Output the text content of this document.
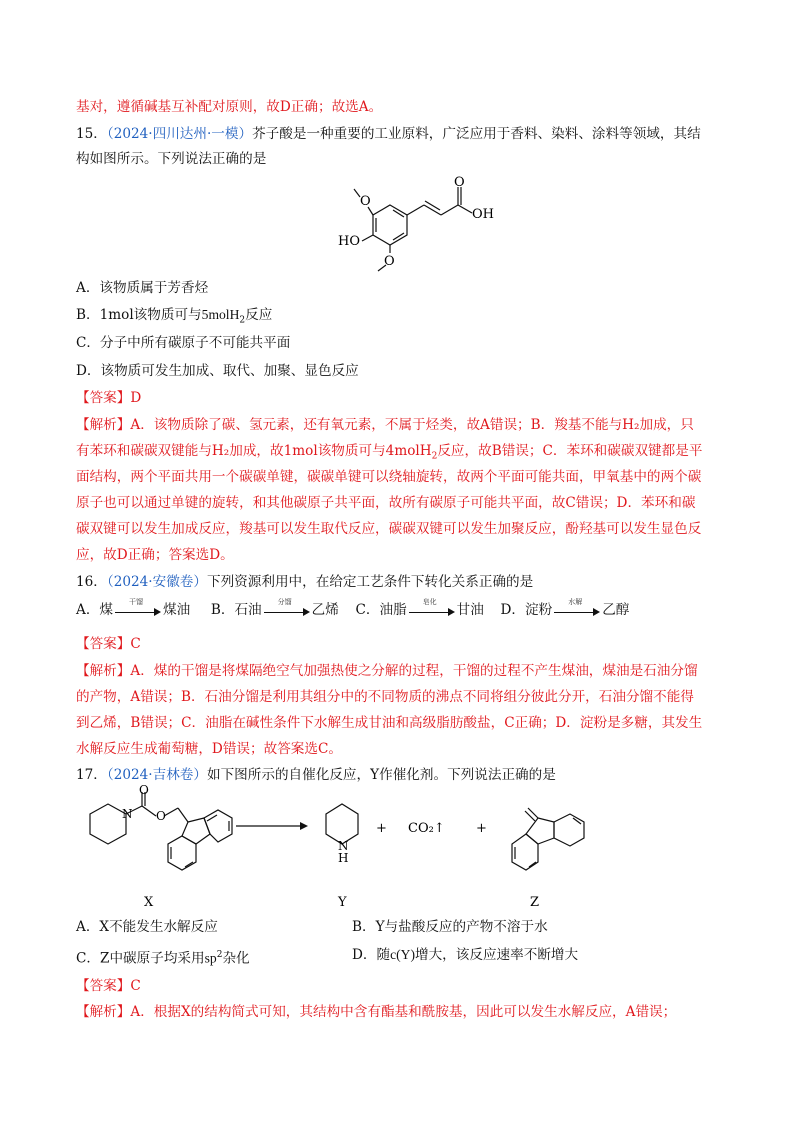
基对，遵循碱基互补配对原则，故D正确；故选A。
15．（2024·四川达州·一模）芥子酸是一种重要的工业原料，广泛应用于香料、染料、涂料等领域，其结
构如图所示。下列说法正确的是
O
O
OH
HO
O
A．该物质属于芳香烃
B．1mol该物质可与5molH$_2$反应
C．分子中所有碳原子不可能共平面
D．该物质可发生加成、取代、加聚、显色反应
【答案】D
【解析】A．该物质除了碳、氢元素，还有氧元素，不属于烃类，故A错误；B．羧基不能与H₂加成，只
有苯环和碳碳双键能与H₂加成，故1mol该物质可与4molH$_2$反应，故B错误；C．苯环和碳碳双键都是平
面结构，两个平面共用一个碳碳单键，碳碳单键可以绕轴旋转，故两个平面可能共面，甲氧基中的两个碳
原子也可以通过单键的旋转，和其他碳原子共平面，故所有碳原子可能共平面，故C错误；D．苯环和碳
碳双键可以发生加成反应，羧基可以发生取代反应，碳碳双键可以发生加聚反应，酚羟基可以发生显色反
应，故D正确；答案选D。
16．（2024·安徽卷）下列资源利用中，在给定工艺条件下转化关系正确的是
A．煤
干馏
煤油 B．石油
分馏
乙烯 C．油脂
皂化
甘油 D．淀粉
水解
乙醇
【答案】C
【解析】A．煤的干馏是将煤隔绝空气加强热使之分解的过程，干馏的过程不产生煤油，煤油是石油分馏
的产物，A错误；B．石油分馏是利用其组分中的不同物质的沸点不同将组分彼此分开，石油分馏不能得
到乙烯，B错误；C．油脂在碱性条件下水解生成甘油和高级脂肪酸盐，C正确；D．淀粉是多糖，其发生
水解反应生成葡萄糖，D错误；故答案选C。
17．（2024·吉林卷）如下图所示的自催化反应，Y作催化剂。下列说法正确的是
O
O
N
N
H
+ CO₂↑ +
X	Y	Z
A．X不能发生水解反应	B．Y与盐酸反应的产物不溶于水
C．Z中碳原子均采用$sp^2$杂化	D．随c(Y)增大，该反应速率不断增大
【答案】C
【解析】A．根据X的结构简式可知，其结构中含有酯基和酰胺基，因此可以发生水解反应，A错误；
